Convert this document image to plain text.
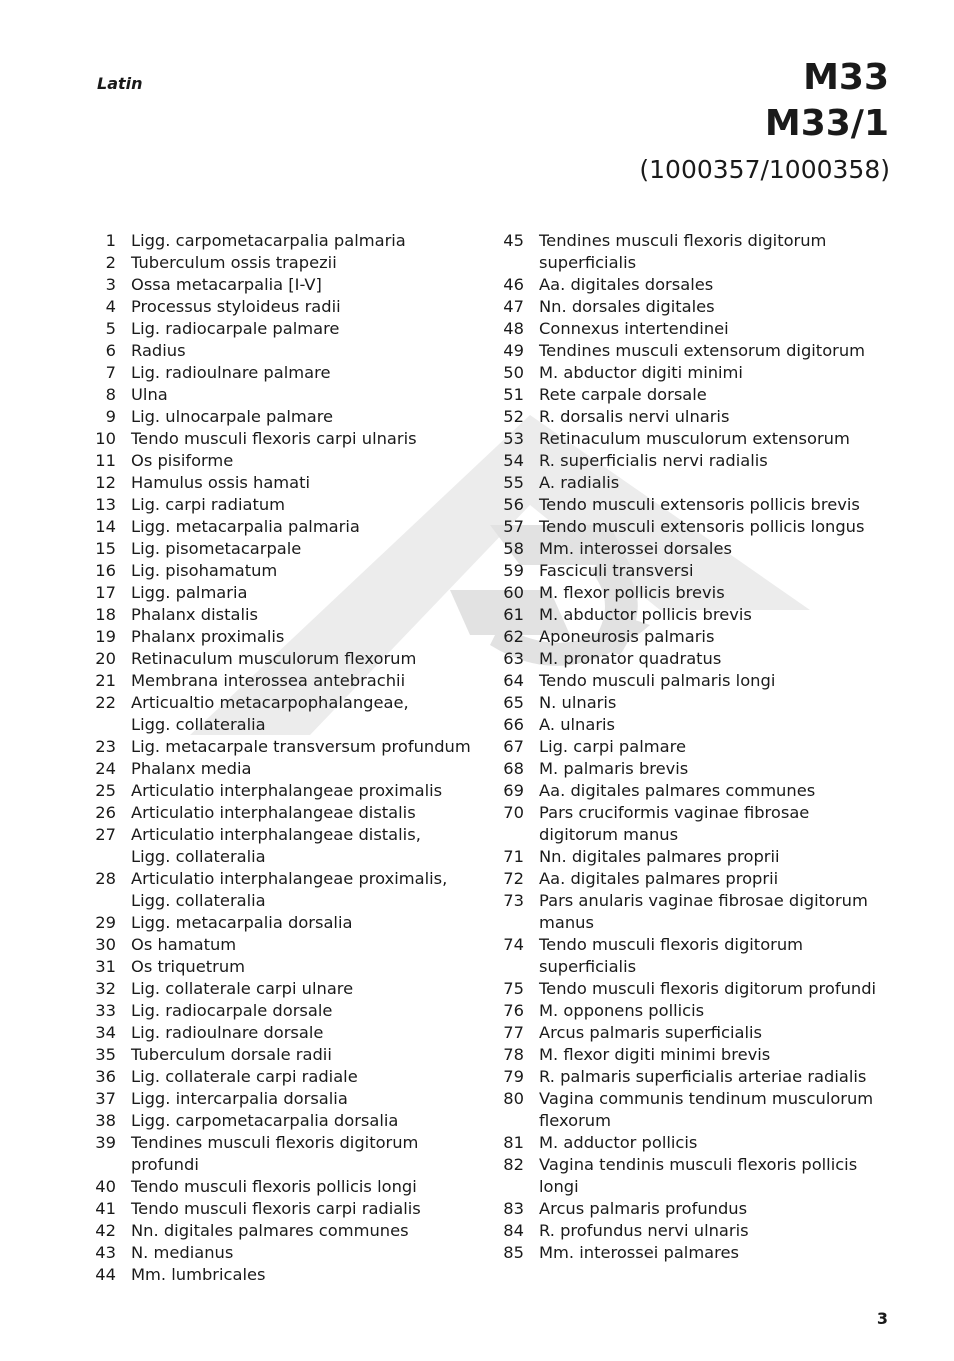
Latin	M33
M33/1
(1000357/1000358)
1 Ligg. carpometacarpalia palmaria
2 Tuberculum ossis trapezii
3 Ossa metacarpalia [I-V]
4 Processus styloideus radii
5 Lig. radiocarpale palmare
6 Radius
7 Lig. radioulnare palmare
8 Ulna
9 Lig. ulnocarpale palmare
10 Tendo musculi flexoris carpi ulnaris
11 Os pisiforme
12 Hamulus ossis hamati
13 Lig. carpi radiatum
14 Ligg. metacarpalia palmaria
15 Lig. pisometacarpale
16 Lig. pisohamatum
17 Ligg. palmaria
18 Phalanx distalis
19 Phalanx proximalis
20 Retinaculum musculorum flexorum
21 Membrana interossea antebrachii
22 Articualtio metacarpophalangeae,
Ligg. collateralia
23 Lig. metacarpale transversum profundum
24 Phalanx media
25 Articulatio interphalangeae proximalis
26 Articulatio interphalangeae distalis
27 Articulatio interphalangeae distalis,
Ligg. collateralia
28 Articulatio interphalangeae proximalis,
Ligg. collateralia
29 Ligg. metacarpalia dorsalia
30 Os hamatum
31 Os triquetrum
32 Lig. collaterale carpi ulnare
33 Lig. radiocarpale dorsale
34 Lig. radioulnare dorsale
35 Tuberculum dorsale radii
36 Lig. collaterale carpi radiale
37 Ligg. intercarpalia dorsalia
38 Ligg. carpometacarpalia dorsalia
39 Tendines musculi flexoris digitorum profundi
40 Tendo musculi flexoris pollicis longi
41 Tendo musculi flexoris carpi radialis
42 Nn. digitales palmares communes
43 N. medianus
44 Mm. lumbricales
45 Tendines musculi flexoris digitorum
superficialis
46 Aa. digitales dorsales
47 Nn. dorsales digitales
48 Connexus intertendinei
49 Tendines musculi extensorum digitorum
50 M. abductor digiti minimi
51 Rete carpale dorsale
52 R. dorsalis nervi ulnaris
53 Retinaculum musculorum extensorum
54 R. superficialis nervi radialis
55 A. radialis
56 Tendo musculi extensoris pollicis brevis
57 Tendo musculi extensoris pollicis longus
58 Mm. interossei dorsales
59 Fasciculi transversi
60 M. flexor pollicis brevis
61 M. abductor pollicis brevis
62 Aponeurosis palmaris
63 M. pronator quadratus
64 Tendo musculi palmaris longi
65 N. ulnaris
66 A. ulnaris
67 Lig. carpi palmare
68 M. palmaris brevis
69 Aa. digitales palmares communes
70 Pars cruciformis vaginae fibrosae
digitorum manus
71 Nn. digitales palmares proprii
72 Aa. digitales palmares proprii
73 Pars anularis vaginae fibrosae digitorum
manus
74 Tendo musculi flexoris digitorum superficialis
75 Tendo musculi flexoris digitorum profundi
76 M. opponens pollicis
77 Arcus palmaris superficialis
78 M. flexor digiti minimi brevis
79 R. palmaris superficialis arteriae radialis
80 Vagina communis tendinum musculorum
flexorum
81 M. adductor pollicis
82 Vagina tendinis musculi flexoris pollicis longi
83 Arcus palmaris profundus
84 R. profundus nervi ulnaris
85 Mm. interossei palmares
3
